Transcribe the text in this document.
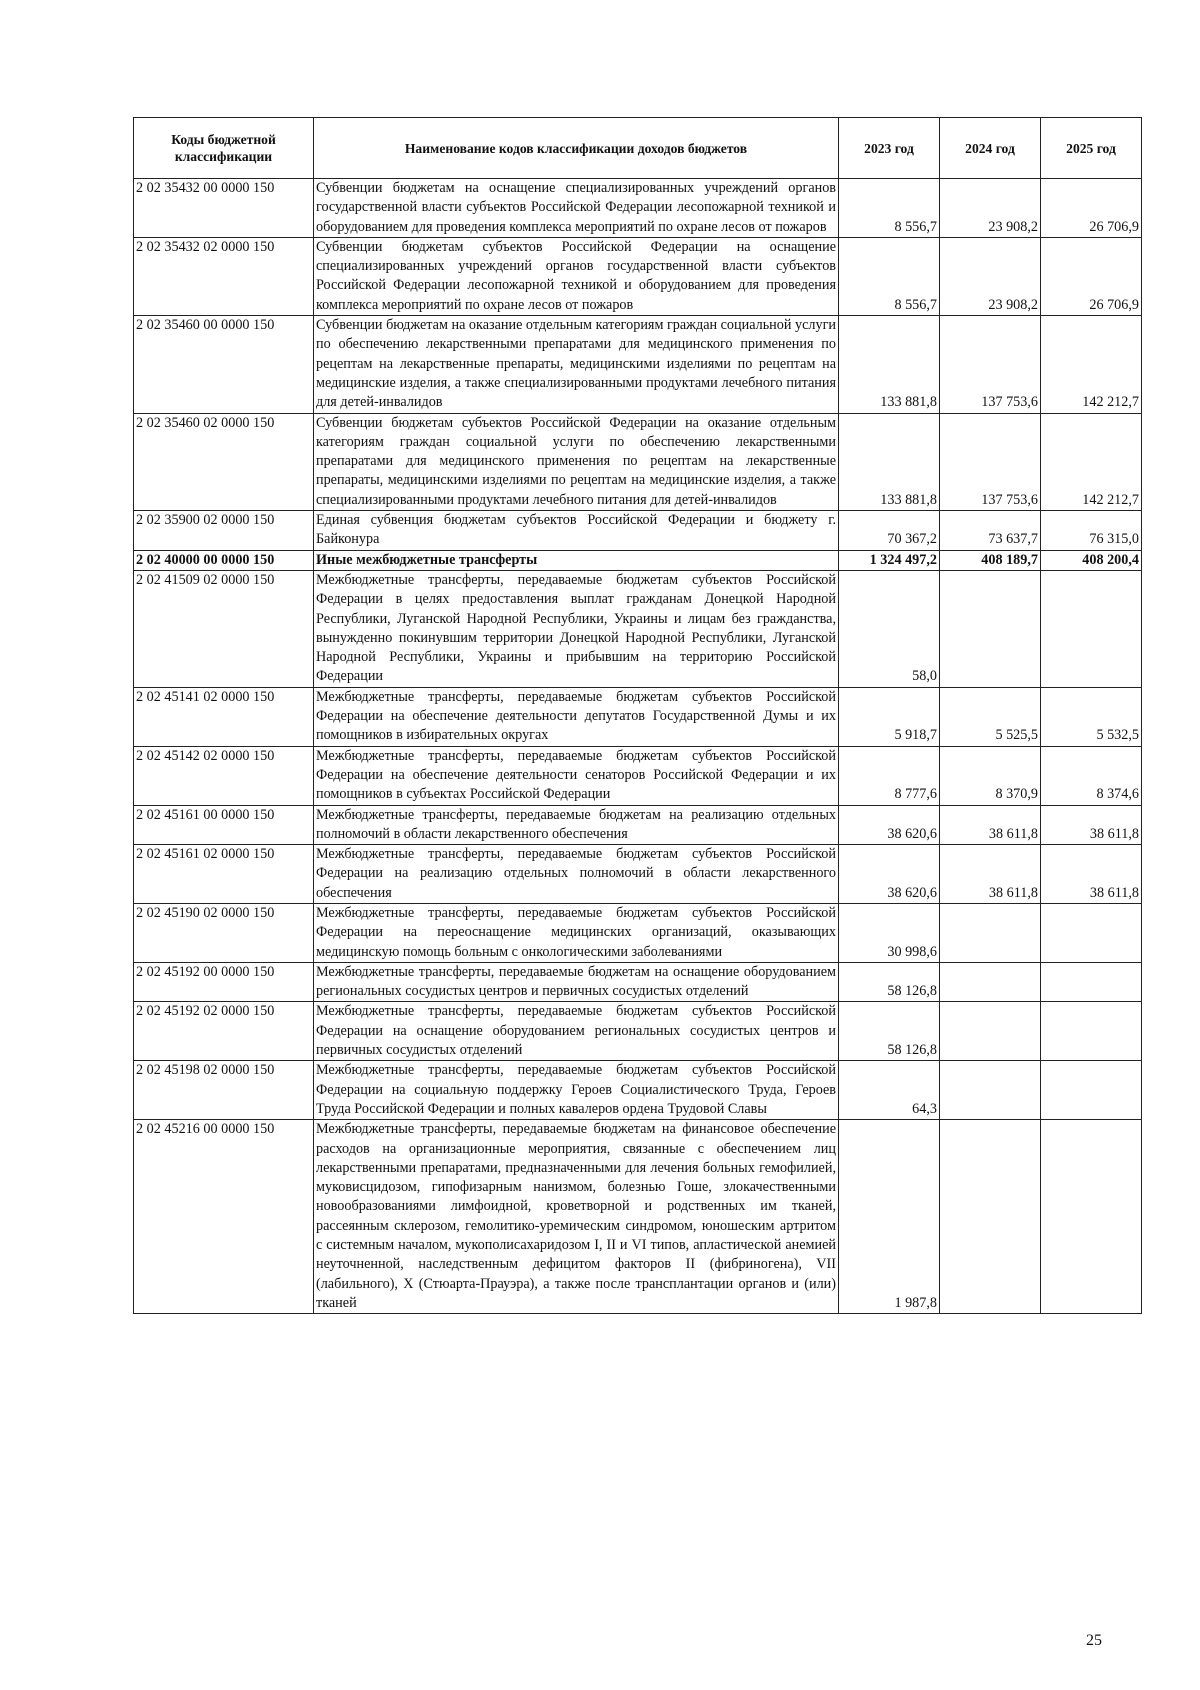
Коды бюджетной классификации	Наименование кодов классификации доходов бюджетов	2023 год	2024 год	2025 год
2 02 35432 00 0000 150	Субвенции бюджетам на оснащение специализированных учреждений органов государственной власти субъектов Российской Федерации лесопожарной техникой и оборудованием для проведения комплекса мероприятий по охране лесов от пожаров	8 556,7	23 908,2	26 706,9
2 02 35432 02 0000 150	Субвенции бюджетам субъектов Российской Федерации на оснащение специализированных учреждений органов государственной власти субъектов Российской Федерации лесопожарной техникой и оборудованием для проведения комплекса мероприятий по охране лесов от пожаров	8 556,7	23 908,2	26 706,9
2 02 35460 00 0000 150	Субвенции бюджетам на оказание отдельным категориям граждан социальной услуги по обеспечению лекарственными препаратами для медицинского применения по рецептам на лекарственные препараты, медицинскими изделиями по рецептам на медицинские изделия, а также специализированными продуктами лечебного питания для детей-инвалидов	133 881,8	137 753,6	142 212,7
2 02 35460 02 0000 150	Субвенции бюджетам субъектов Российской Федерации на оказание отдельным категориям граждан социальной услуги по обеспечению лекарственными препаратами для медицинского применения по рецептам на лекарственные препараты, медицинскими изделиями по рецептам на медицинские изделия, а также специализированными продуктами лечебного питания для детей-инвалидов	133 881,8	137 753,6	142 212,7
2 02 35900 02 0000 150	Единая субвенция бюджетам субъектов Российской Федерации и бюджету г. Байконура	70 367,2	73 637,7	76 315,0
2 02 40000 00 0000 150	Иные межбюджетные трансферты	1 324 497,2	408 189,7	408 200,4
2 02 41509 02 0000 150	Межбюджетные трансферты, передаваемые бюджетам субъектов Российской Федерации в целях предоставления выплат гражданам Донецкой Народной Республики, Луганской Народной Республики, Украины и лицам без гражданства, вынужденно покинувшим территории Донецкой Народной Республики, Луганской Народной Республики, Украины и прибывшим на территорию Российской Федерации	58,0		
2 02 45141 02 0000 150	Межбюджетные трансферты, передаваемые бюджетам субъектов Российской Федерации на обеспечение деятельности депутатов Государственной Думы и их помощников в избирательных округах	5 918,7	5 525,5	5 532,5
2 02 45142 02 0000 150	Межбюджетные трансферты, передаваемые бюджетам субъектов Российской Федерации на обеспечение деятельности сенаторов Российской Федерации и их помощников в субъектах Российской Федерации	8 777,6	8 370,9	8 374,6
2 02 45161 00 0000 150	Межбюджетные трансферты, передаваемые бюджетам на реализацию отдельных полномочий в области лекарственного обеспечения	38 620,6	38 611,8	38 611,8
2 02 45161 02 0000 150	Межбюджетные трансферты, передаваемые бюджетам субъектов Российской Федерации на реализацию отдельных полномочий в области лекарственного обеспечения	38 620,6	38 611,8	38 611,8
2 02 45190 02 0000 150	Межбюджетные трансферты, передаваемые бюджетам субъектов Российской Федерации на переоснащение медицинских организаций, оказывающих медицинскую помощь больным с онкологическими заболеваниями	30 998,6		
2 02 45192 00 0000 150	Межбюджетные трансферты, передаваемые бюджетам на оснащение оборудованием региональных сосудистых центров и первичных сосудистых отделений	58 126,8		
2 02 45192 02 0000 150	Межбюджетные трансферты, передаваемые бюджетам субъектов Российской Федерации на оснащение оборудованием региональных сосудистых центров и первичных сосудистых отделений	58 126,8		
2 02 45198 02 0000 150	Межбюджетные трансферты, передаваемые бюджетам субъектов Российской Федерации на социальную поддержку Героев Социалистического Труда, Героев Труда Российской Федерации и полных кавалеров ордена Трудовой Славы	64,3		
2 02 45216 00 0000 150	Межбюджетные трансферты, передаваемые бюджетам на финансовое обеспечение расходов на организационные мероприятия, связанные с обеспечением лиц лекарственными препаратами, предназначенными для лечения больных гемофилией, муковисцидозом, гипофизарным нанизмом, болезнью Гоше, злокачественными новообразованиями лимфоидной, кроветворной и родственных им тканей, рассеянным склерозом, гемолитико-уремическим синдромом, юношеским артритом с системным началом, мукополисахаридозом I, II и VI типов, апластической анемией неуточненной, наследственным дефицитом факторов II (фибриногена), VII (лабильного), X (Стюарта-Прауэра), а также после трансплантации органов и (или) тканей	1 987,8		
25
